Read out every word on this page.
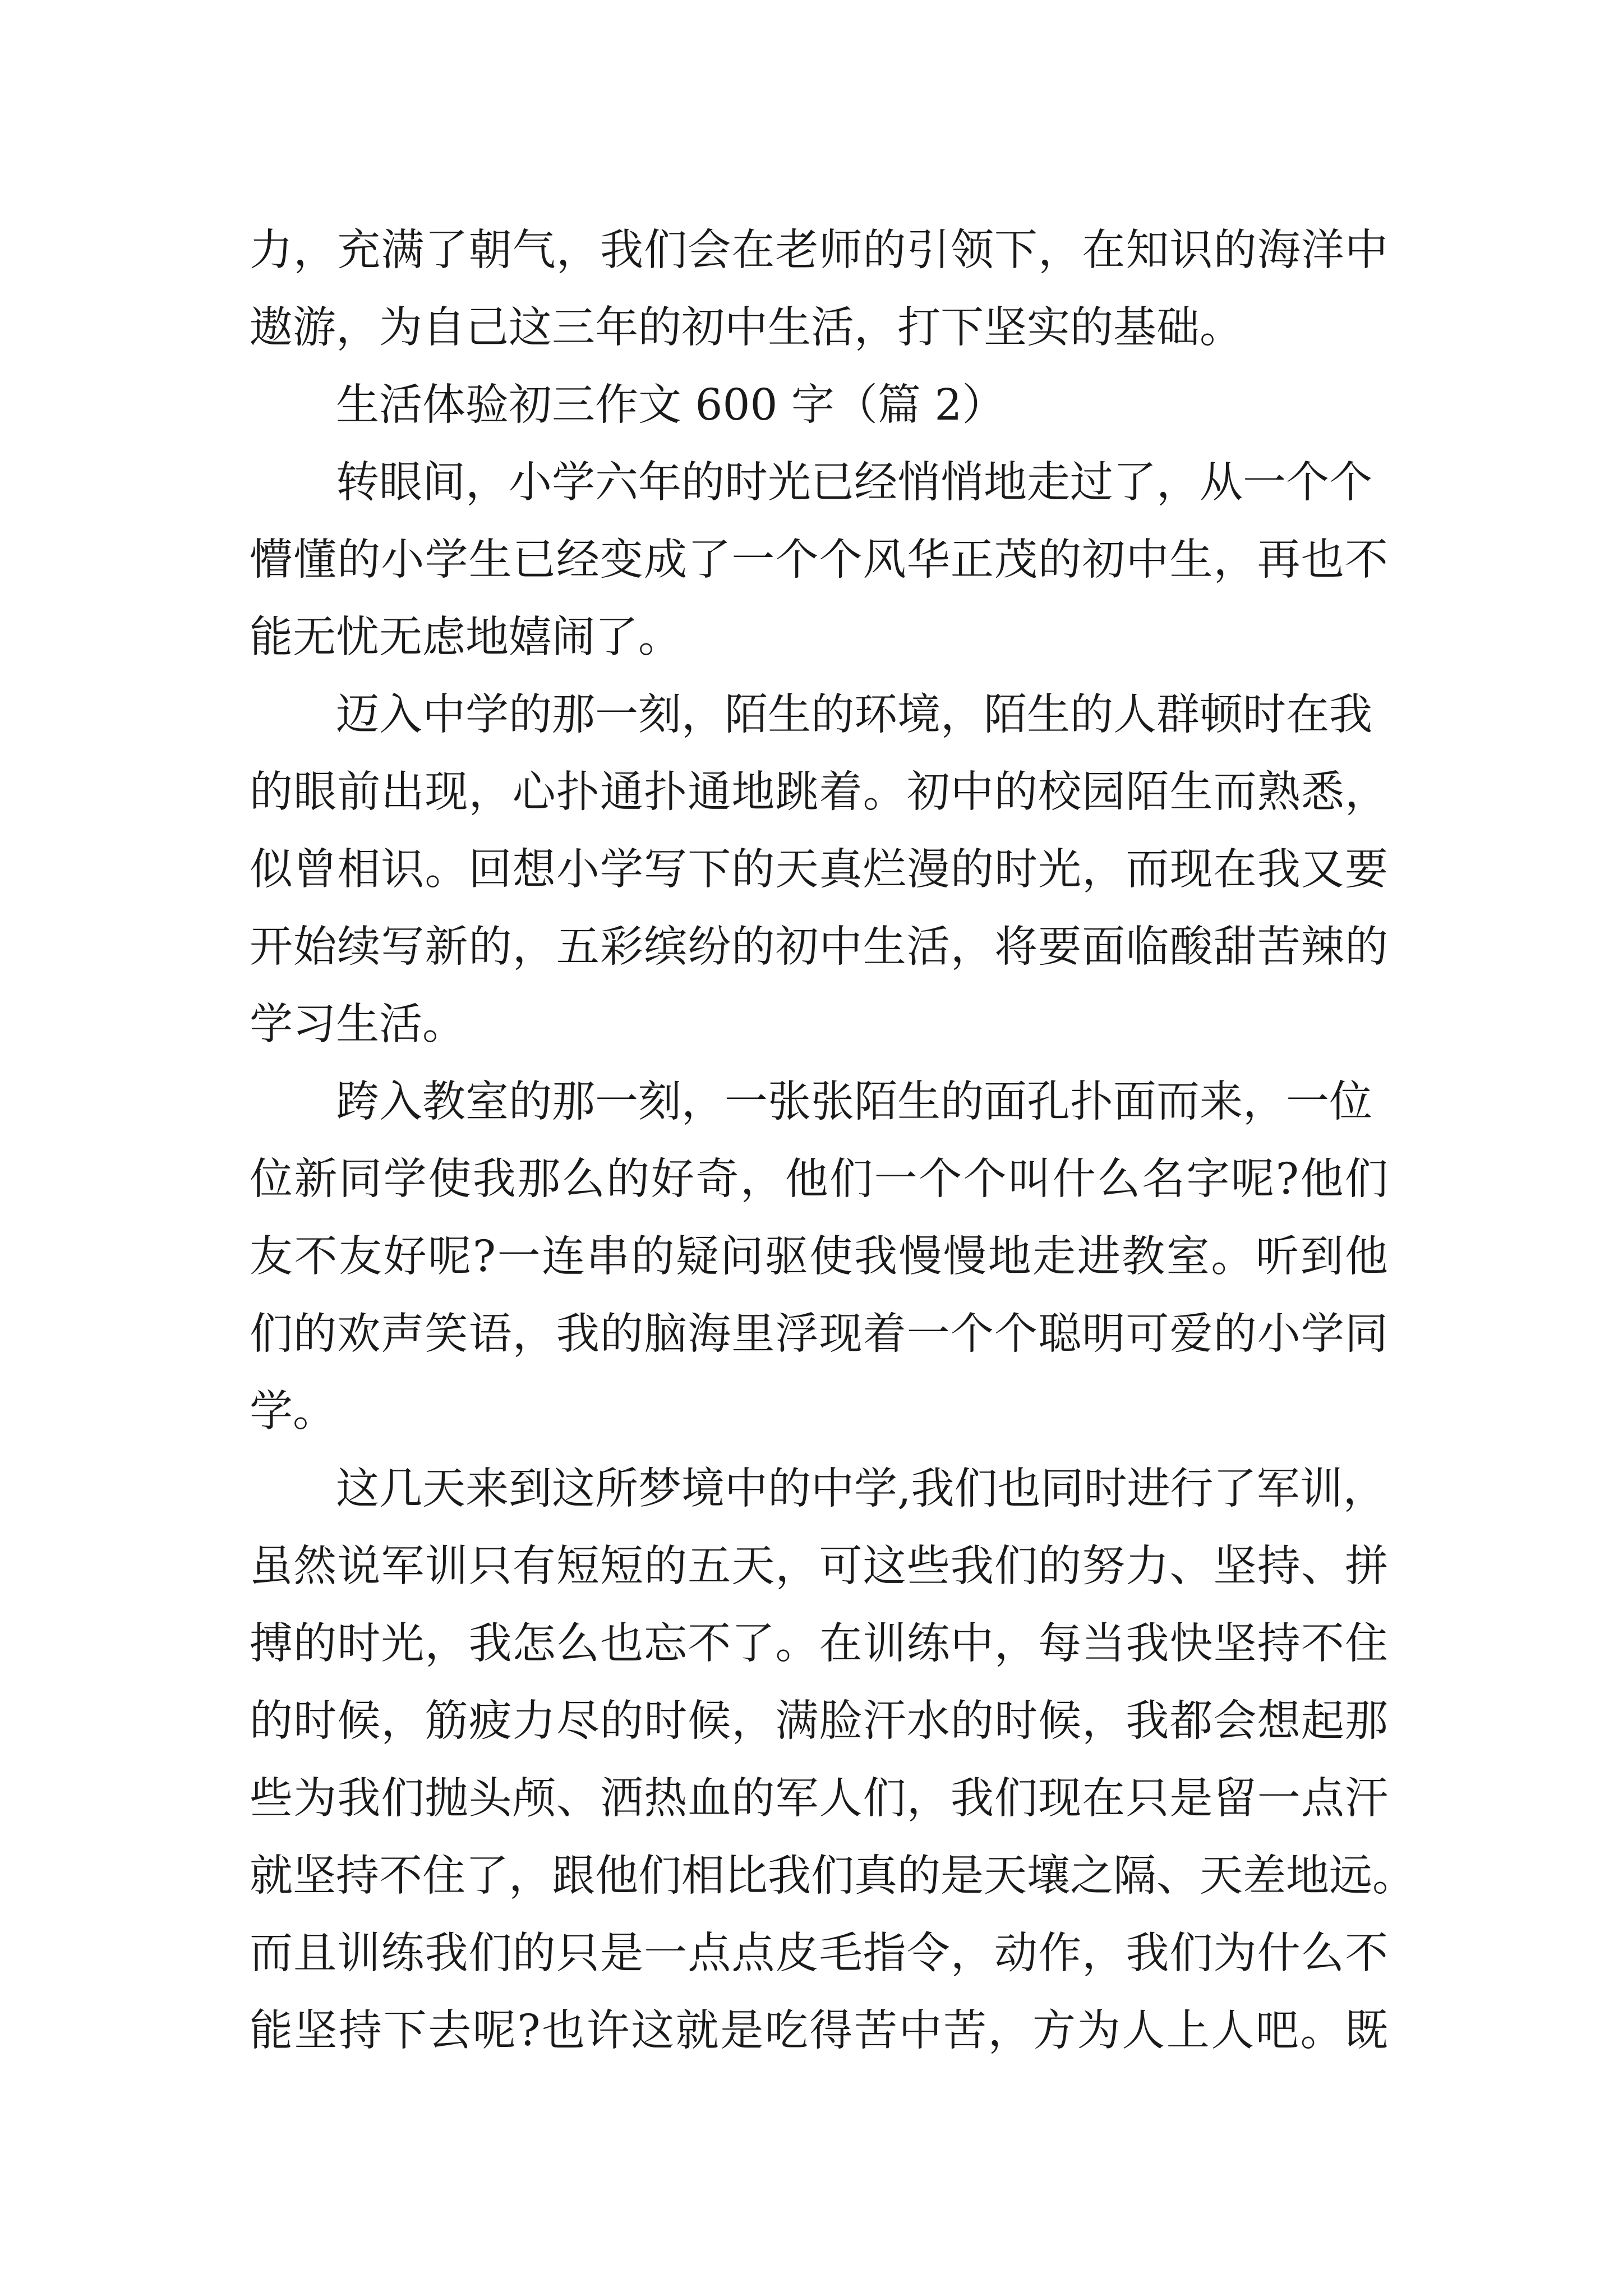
力，充满了朝气，我们会在老师的引领下，在知识的海洋中
遨游，为自己这三年的初中生活，打下坚实的基础。
生活体验初三作文 600 字（篇 2）
转眼间，小学六年的时光已经悄悄地走过了，从一个个
懵懂的小学生已经变成了一个个风华正茂的初中生，再也不
能无忧无虑地嬉闹了。
迈入中学的那一刻，陌生的环境，陌生的人群顿时在我
的眼前出现，心扑通扑通地跳着。初中的校园陌生而熟悉，
似曾相识。回想小学写下的天真烂漫的时光，而现在我又要
开始续写新的，五彩缤纷的初中生活，将要面临酸甜苦辣的
学习生活。
跨入教室的那一刻，一张张陌生的面孔扑面而来，一位
位新同学使我那么的好奇，他们一个个叫什么名字呢?他们
友不友好呢?一连串的疑问驱使我慢慢地走进教室。听到他
们的欢声笑语，我的脑海里浮现着一个个聪明可爱的小学同
学。
这几天来到这所梦境中的中学,我们也同时进行了军训，
虽然说军训只有短短的五天，可这些我们的努力、坚持、拼
搏的时光，我怎么也忘不了。在训练中，每当我快坚持不住
的时候，筋疲力尽的时候，满脸汗水的时候，我都会想起那
些为我们抛头颅、洒热血的军人们，我们现在只是留一点汗
就坚持不住了，跟他们相比我们真的是天壤之隔、天差地远。
而且训练我们的只是一点点皮毛指令，动作，我们为什么不
能坚持下去呢?也许这就是吃得苦中苦，方为人上人吧。既
